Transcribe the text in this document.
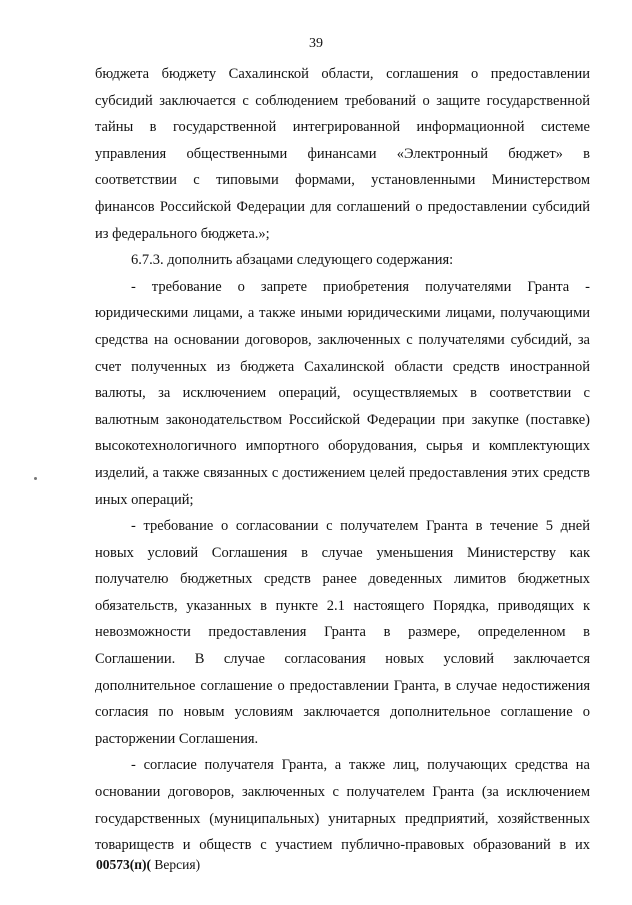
39

бюджета бюджету Сахалинской области, соглашения о предоставлении

субсидий заключается с соблюдением требований о защите государственной

тайны в государственной интегрированной информационной системе

управления общественными финансами «Электронный бюджет» в

соответствии с типовыми формами, установленными Министерством

финансов Российской Федерации для соглашений о предоставлении субсидий

из федерального бюджета.»;

6.7.3. дополнить абзацами следующего содержания:

- требование о запрете приобретения получателями Гранта -

юридическими лицами, а также иными юридическими лицами, получающими

средства на основании договоров, заключенных с получателями субсидий, за

счет полученных из бюджета Сахалинской области средств иностранной

валюты, за исключением операций, осуществляемых в соответствии с

валютным законодательством Российской Федерации при закупке (поставке)

высокотехнологичного импортного оборудования, сырья и комплектующих

изделий, а также связанных с достижением целей предоставления этих средств

иных операций;

- требование о согласовании с получателем Гранта в течение 5 дней

новых условий Соглашения в случае уменьшения Министерству как

получателю бюджетных средств ранее доведенных лимитов бюджетных

обязательств, указанных в пункте 2.1 настоящего Порядка, приводящих к

невозможности предоставления Гранта в размере, определенном в

Соглашении. В случае согласования новых условий заключается

дополнительное соглашение о предоставлении Гранта, в случае недостижения

согласия по новым условиям заключается дополнительное соглашение о

расторжении Соглашения.

- согласие получателя Гранта, а также лиц, получающих средства на

основании договоров, заключенных с получателем Гранта (за исключением

государственных (муниципальных) унитарных предприятий, хозяйственных

товариществ и обществ с участием публично-правовых образований в их

00573(п)( Версия)
